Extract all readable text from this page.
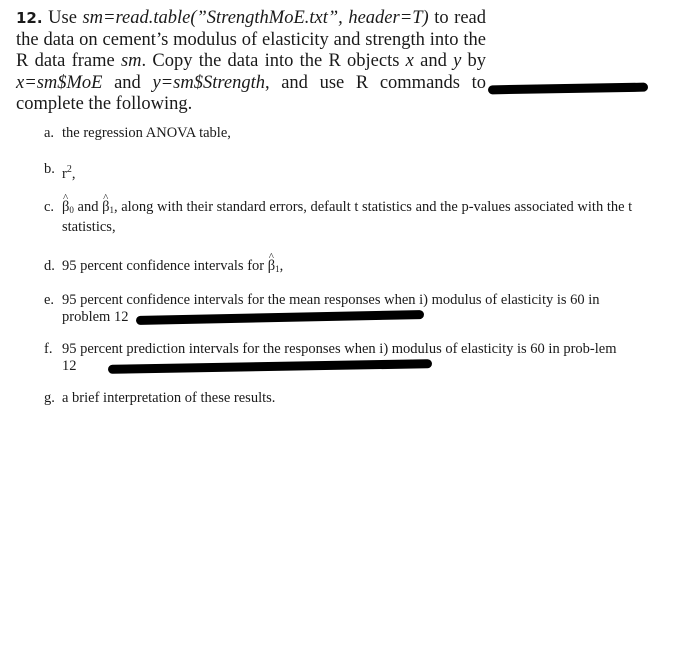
12. Use sm=read.table(”StrengthMoE.txt”, header=T) to read the data on cement’s modulus of elasticity and strength into the R data frame sm. Copy the data into the R objects x and y by x=sm$MoE and y=sm$Strength, and use R commands to complete the following.
a. the regression ANOVA table,
b. $r^2$,
c.
^ $\beta_0$ and ^ $\beta_1$, along with their standard errors, default t statistics and the p-values associated with the t statistics,
d. 95 percent confidence intervals for ^ $\beta_1$,
e. 95 percent confidence intervals for the mean responses when i) modulus of elasticity is 60 in problem 12
f. 95 percent prediction intervals for the responses when i) modulus of elasticity is 60 in prob-lem 12
g. a brief interpretation of these results.
